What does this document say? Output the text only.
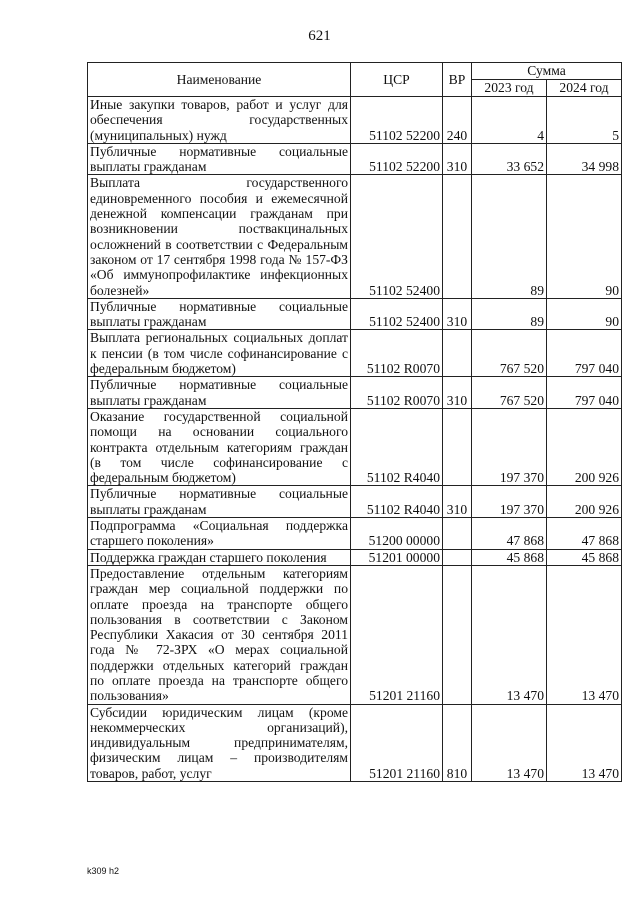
621
Наименование	ЦСР	ВР	Сумма	
			2023 год	2024 год
Иные закупки товаров, работ и услуг для обеспечения государственных (муниципальных) нужд	51102 52200	240	4	5
Публичные нормативные социальные выплаты гражданам	51102 52200	310	33 652	34 998
Выплата государственного единовременного пособия и ежемесячной денежной компенсации гражданам при возникновении поствакцинальных осложнений в соответствии с Федеральным законом от 17 сентября 1998 года № 157-ФЗ «Об иммунопрофилактике инфекционных болезней»	51102 52400		89	90
Публичные нормативные социальные выплаты гражданам	51102 52400	310	89	90
Выплата региональных социальных доплат к пенсии (в том числе софинансирование с федеральным бюджетом)	51102 R0070		767 520	797 040
Публичные нормативные социальные выплаты гражданам	51102 R0070	310	767 520	797 040
Оказание государственной социальной помощи на основании социального контракта отдельным категориям граждан (в том числе софинансирование с федеральным бюджетом)	51102 R4040		197 370	200 926
Публичные нормативные социальные выплаты гражданам	51102 R4040	310	197 370	200 926
Подпрограмма «Социальная поддержка старшего поколения»	51200 00000		47 868	47 868
Поддержка граждан старшего поколения	51201 00000		45 868	45 868
Предоставление отдельным категориям граждан мер социальной поддержки по оплате проезда на транспорте общего пользования в соответствии с Законом Республики Хакасия от 30 сентября 2011 года № 72-ЗРХ «О мерах социальной поддержки отдельных категорий граждан по оплате проезда на транспорте общего пользования»	51201 21160		13 470	13 470
Субсидии юридическим лицам (кроме некоммерческих организаций), индивидуальным предпринимателям, физическим лицам – производителям товаров, работ, услуг	51201 21160	810	13 470	13 470
k309 h2
